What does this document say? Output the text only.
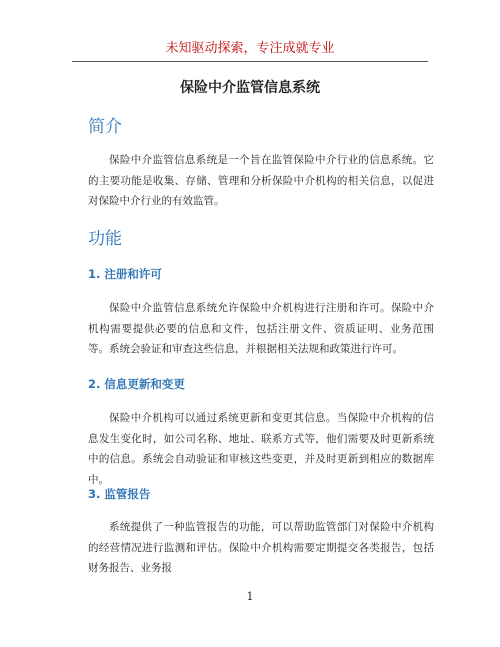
未知驱动探索，专注成就专业
保险中介监管信息系统
简介
保险中介监管信息系统是一个旨在监管保险中介行业的信息系统。它的主要功能是收集、存储、管理和分析保险中介机构的相关信息，以促进对保险中介行业的有效监管。
功能
1. 注册和许可
保险中介监管信息系统允许保险中介机构进行注册和许可。保险中介机构需要提供必要的信息和文件，包括注册文件、资质证明、业务范围等。系统会验证和审查这些信息，并根据相关法规和政策进行许可。
2. 信息更新和变更
保险中介机构可以通过系统更新和变更其信息。当保险中介机构的信息发生变化时，如公司名称、地址、联系方式等，他们需要及时更新系统中的信息。系统会自动验证和审核这些变更，并及时更新到相应的数据库中。
3. 监管报告
系统提供了一种监管报告的功能，可以帮助监管部门对保险中介机构的经营情况进行监测和评估。保险中介机构需要定期提交各类报告，包括财务报告、业务报
1
